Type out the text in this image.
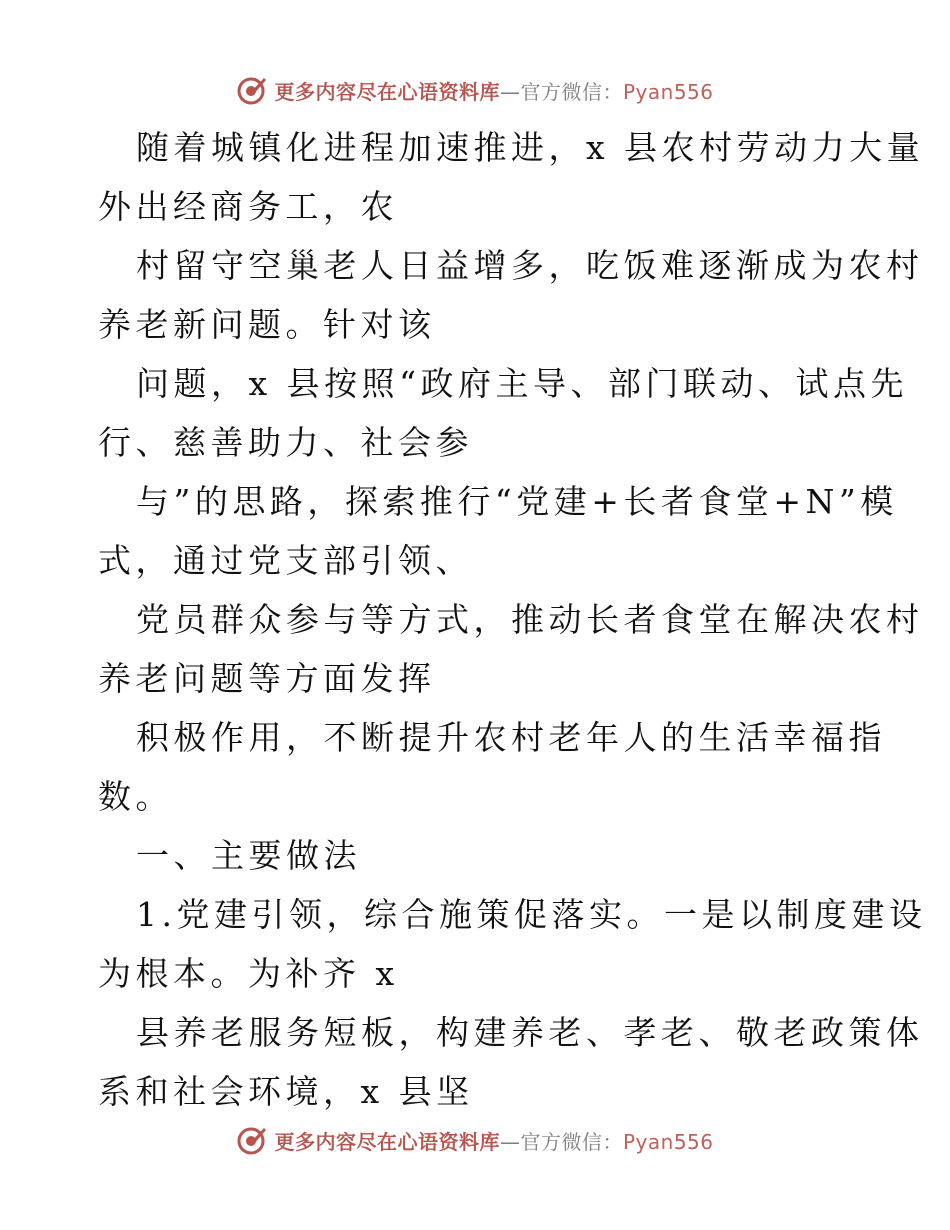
更多内容尽在心语资料库—官方微信：Pyan556
随着城镇化进程加速推进，x 县农村劳动力大量
外出经商务工，农
村留守空巢老人日益增多，吃饭难逐渐成为农村
养老新问题。针对该
问题，x 县按照“政府主导、部门联动、试点先
行、慈善助力、社会参
与”的思路，探索推行“党建+长者食堂+N”模
式，通过党支部引领、
党员群众参与等方式，推动长者食堂在解决农村
养老问题等方面发挥
积极作用，不断提升农村老年人的生活幸福指
数。
一、主要做法
1.党建引领，综合施策促落实。一是以制度建设
为根本。为补齐 x
县养老服务短板，构建养老、孝老、敬老政策体
系和社会环境，x 县坚
更多内容尽在心语资料库—官方微信：Pyan556
